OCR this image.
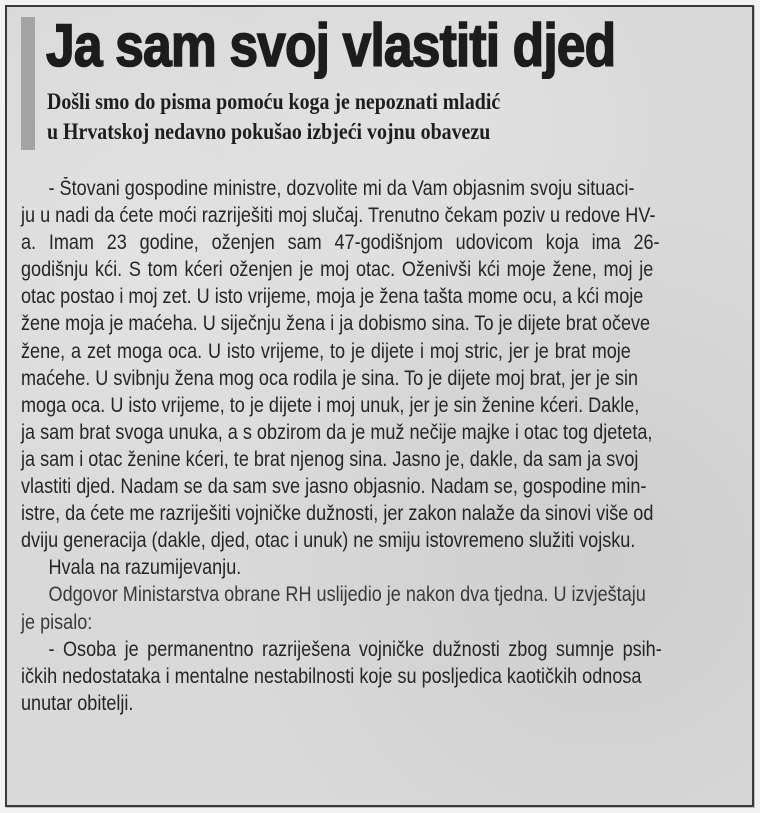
Ja sam svoj vlastiti djed
Došli smo do pisma pomoću koga je nepoznati mladić
u Hrvatskoj nedavno pokušao izbjeći vojnu obavezu
- Štovani gospodine ministre, dozvolite mi da Vam objasnim svoju situaci-
ju u nadi da ćete moći razriješiti moj slučaj. Trenutno čekam poziv u redove HV-
a. Imam 23 godine, oženjen sam 47-godišnjom udovicom koja ima 26-
godišnju kći. S tom kćeri oženjen je moj otac. Oženivši kći moje žene, moj je
otac postao i moj zet. U isto vrijeme, moja je žena tašta mome ocu, a kći moje
žene moja je maćeha. U siječnju žena i ja dobismo sina. To je dijete brat očeve
žene, a zet moga oca. U isto vrijeme, to je dijete i moj stric, jer je brat moje
maćehe. U svibnju žena mog oca rodila je sina. To je dijete moj brat, jer je sin
moga oca. U isto vrijeme, to je dijete i moj unuk, jer je sin ženine kćeri. Dakle,
ja sam brat svoga unuka, a s obzirom da je muž nečije majke i otac tog djeteta,
ja sam i otac ženine kćeri, te brat njenog sina. Jasno je, dakle, da sam ja svoj
vlastiti djed. Nadam se da sam sve jasno objasnio. Nadam se, gospodine min-
istre, da ćete me razriješiti vojničke dužnosti, jer zakon nalaže da sinovi više od
dviju generacija (dakle, djed, otac i unuk) ne smiju istovremeno služiti vojsku.
Hvala na razumijevanju.
Odgovor Ministarstva obrane RH uslijedio je nakon dva tjedna. U izvještaju
je pisalo:
- Osoba je permanentno razriješena vojničke dužnosti zbog sumnje psih-
ičkih nedostataka i mentalne nestabilnosti koje su posljedica kaotičkih odnosa
unutar obitelji.
